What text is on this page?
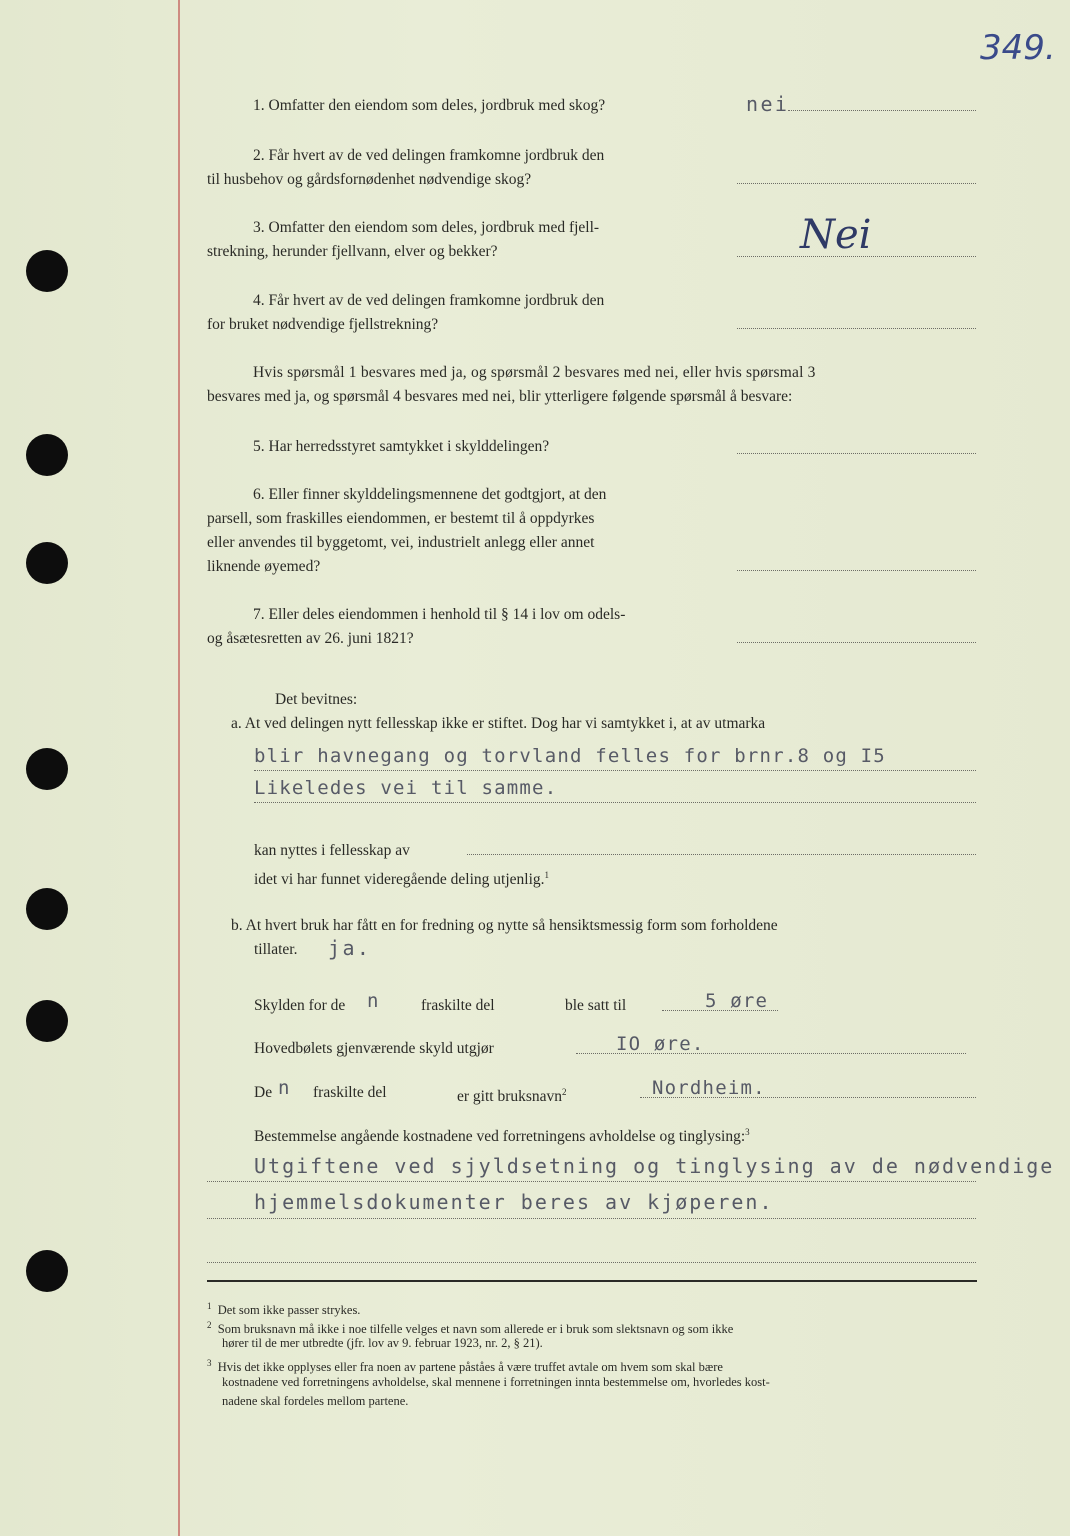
349.
1. Omfatter den eiendom som deles, jordbruk med skog?	nei
2. Får hvert av de ved delingen framkomne jordbruk den
til husbehov og gårdsfornødenhet nødvendige skog?
3. Omfatter den eiendom som deles, jordbruk med fjell-
strekning, herunder fjellvann, elver og bekker?	Nei
4. Får hvert av de ved delingen framkomne jordbruk den
for bruket nødvendige fjellstrekning?
Hvis spørsmål 1 besvares med ja, og spørsmål 2 besvares med nei, eller hvis spørsmal 3
besvares med ja, og spørsmål 4 besvares med nei, blir ytterligere følgende spørsmål å besvare:
5. Har herredsstyret samtykket i skylddelingen?
6. Eller finner skylddelingsmennene det godtgjort, at den
parsell, som fraskilles eiendommen, er bestemt til å oppdyrkes
eller anvendes til byggetomt, vei, industrielt anlegg eller annet
liknende øyemed?
7. Eller deles eiendommen i henhold til § 14 i lov om odels-
og åsætesretten av 26. juni 1821?
Det bevitnes:
a. At ved delingen nytt fellesskap ikke er stiftet. Dog har vi samtykket i, at av utmarka
blir havnegang og torvland felles for brnr.8 og I5
Likeledes vei til samme.
kan nyttes i fellesskap av
idet vi har funnet videregående deling utjenlig.$^1$
b. At hvert bruk har fått en for fredning og nytte så hensiktsmessig form som forholdene
tillater. ja.
Skylden for de n	fraskilte del	ble satt til	5 øre
Hovedbølets gjenværende skyld utgjør	IO øre.
De n fraskilte del	er gitt bruksnavn$^2$	Nordheim.
Bestemmelse angående kostnadene ved forretningens avholdelse og tinglysing:$^3$
Utgiftene ved sjyldsetning og tinglysing av de nødvendige
hjemmelsdokumenter beres av kjøperen.
$^1$ Det som ikke passer strykes.
$^2$ Som bruksnavn må ikke i noe tilfelle velges et navn som allerede er i bruk som slektsnavn og som ikke
hører til de mer utbredte (jfr. lov av 9. februar 1923, nr. 2, § 21).
$^3$ Hvis det ikke opplyses eller fra noen av partene påståes å være truffet avtale om hvem som skal bære
kostnadene ved forretningens avholdelse, skal mennene i forretningen innta bestemmelse om, hvorledes kost-
nadene skal fordeles mellom partene.
